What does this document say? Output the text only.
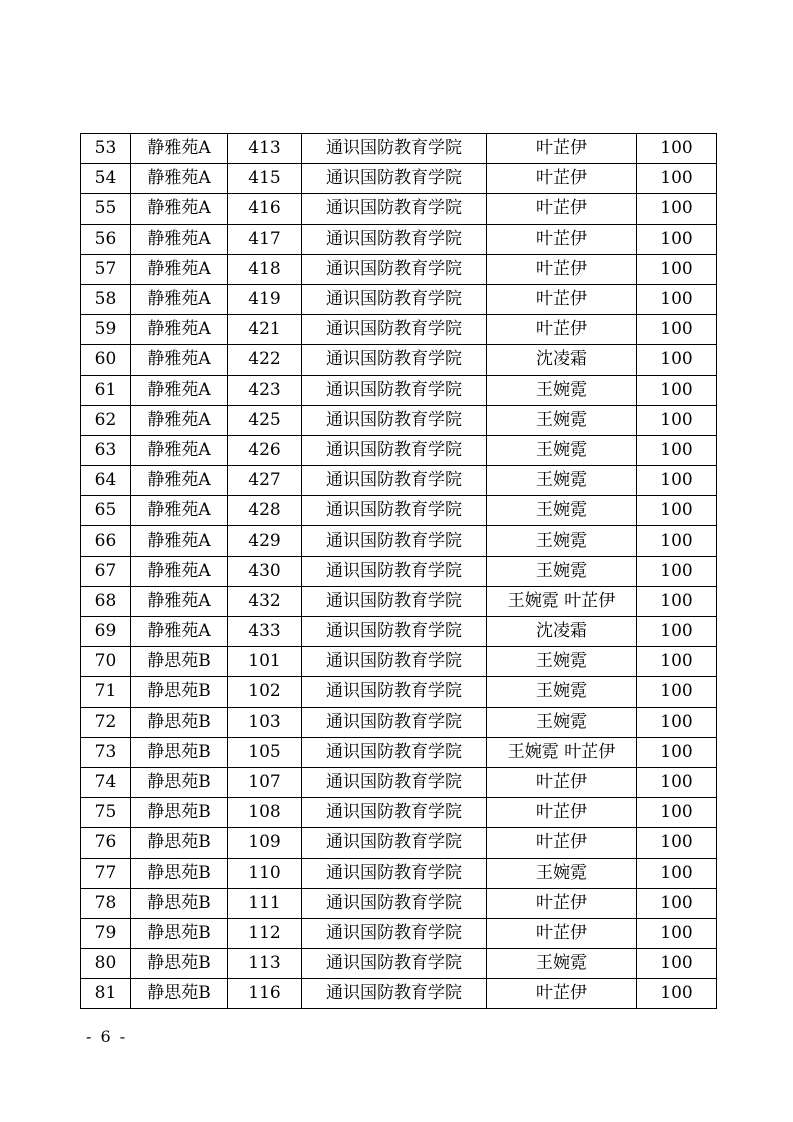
53	静雅苑A	413	通识国防教育学院	叶芷伊	100
54	静雅苑A	415	通识国防教育学院	叶芷伊	100
55	静雅苑A	416	通识国防教育学院	叶芷伊	100
56	静雅苑A	417	通识国防教育学院	叶芷伊	100
57	静雅苑A	418	通识国防教育学院	叶芷伊	100
58	静雅苑A	419	通识国防教育学院	叶芷伊	100
59	静雅苑A	421	通识国防教育学院	叶芷伊	100
60	静雅苑A	422	通识国防教育学院	沈凌霜	100
61	静雅苑A	423	通识国防教育学院	王婉霓	100
62	静雅苑A	425	通识国防教育学院	王婉霓	100
63	静雅苑A	426	通识国防教育学院	王婉霓	100
64	静雅苑A	427	通识国防教育学院	王婉霓	100
65	静雅苑A	428	通识国防教育学院	王婉霓	100
66	静雅苑A	429	通识国防教育学院	王婉霓	100
67	静雅苑A	430	通识国防教育学院	王婉霓	100
68	静雅苑A	432	通识国防教育学院	王婉霓 叶芷伊	100
69	静雅苑A	433	通识国防教育学院	沈凌霜	100
70	静思苑B	101	通识国防教育学院	王婉霓	100
71	静思苑B	102	通识国防教育学院	王婉霓	100
72	静思苑B	103	通识国防教育学院	王婉霓	100
73	静思苑B	105	通识国防教育学院	王婉霓 叶芷伊	100
74	静思苑B	107	通识国防教育学院	叶芷伊	100
75	静思苑B	108	通识国防教育学院	叶芷伊	100
76	静思苑B	109	通识国防教育学院	叶芷伊	100
77	静思苑B	110	通识国防教育学院	王婉霓	100
78	静思苑B	111	通识国防教育学院	叶芷伊	100
79	静思苑B	112	通识国防教育学院	叶芷伊	100
80	静思苑B	113	通识国防教育学院	王婉霓	100
81	静思苑B	116	通识国防教育学院	叶芷伊	100
- 6 -
